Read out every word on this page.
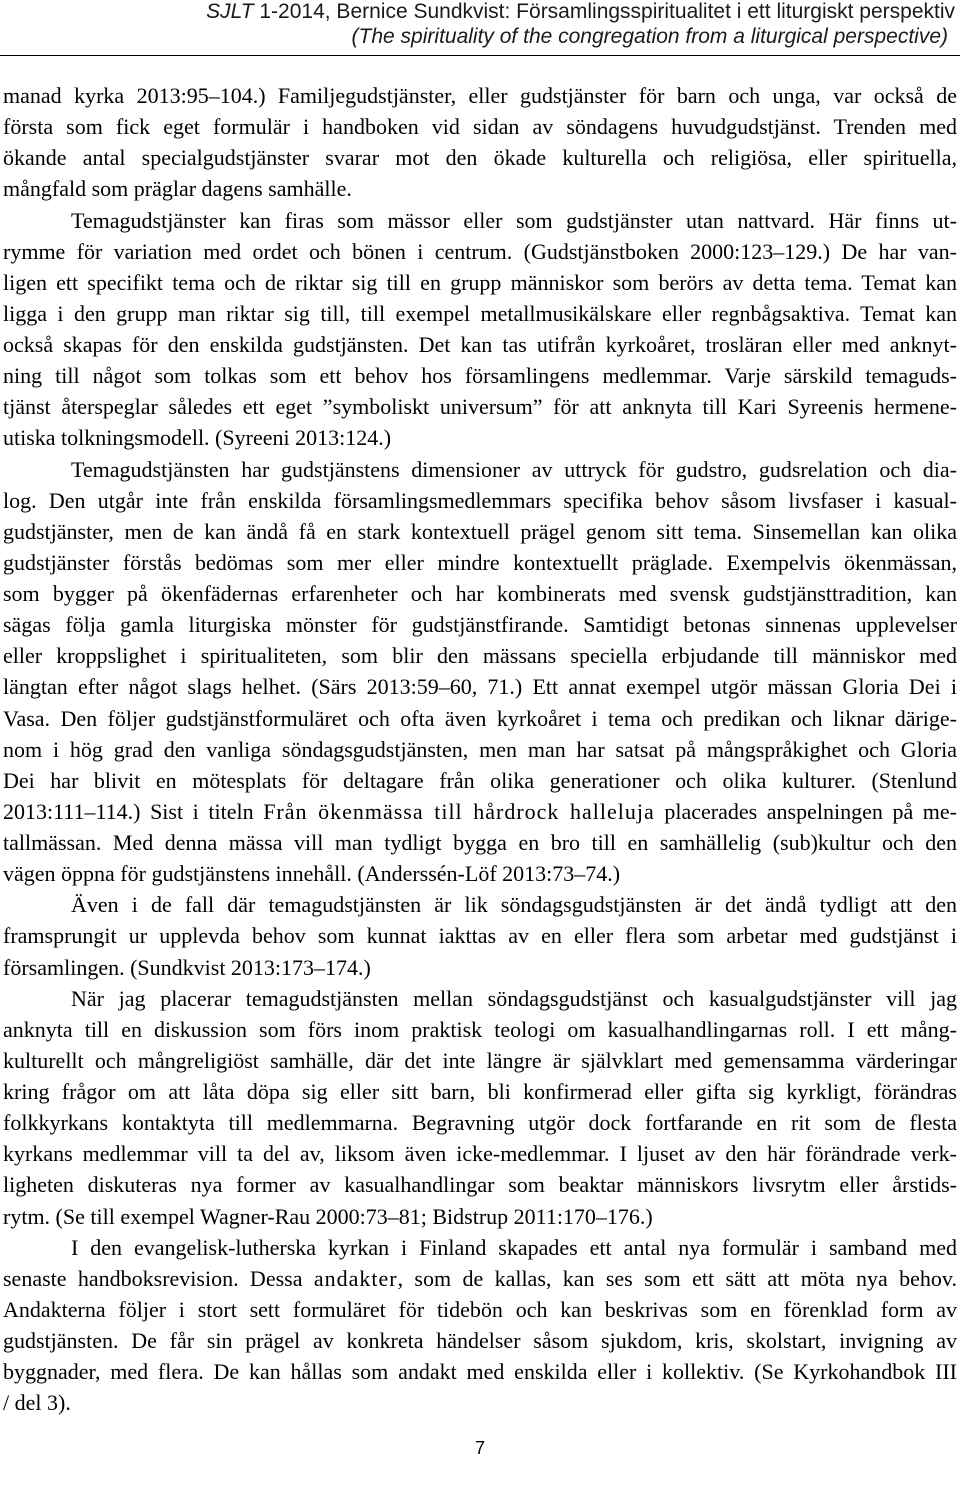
SJLT 1-2014, Bernice Sundkvist: Församlingsspiritualitet i ett liturgiskt perspektiv
(The spirituality of the congregation from a liturgical perspective)
manad kyrka 2013:95–104.) Familjegudstjänster, eller gudstjänster för barn och unga, var också de
första som fick eget formulär i handboken vid sidan av söndagens huvudgudstjänst. Trenden med
ökande antal specialgudstjänster svarar mot den ökade kulturella och religiösa, eller spirituella,
mångfald som präglar dagens samhälle.
Temagudstjänster kan firas som mässor eller som gudstjänster utan nattvard. Här finns ut-
rymme för variation med ordet och bönen i centrum. (Gudstjänstboken 2000:123–129.) De har van-
ligen ett specifikt tema och de riktar sig till en grupp människor som berörs av detta tema. Temat kan
ligga i den grupp man riktar sig till, till exempel metallmusikälskare eller regnbågsaktiva. Temat kan
också skapas för den enskilda gudstjänsten. Det kan tas utifrån kyrkoåret, trosläran eller med anknyt-
ning till något som tolkas som ett behov hos församlingens medlemmar. Varje särskild temaguds-
tjänst återspeglar således ett eget ”symboliskt universum” för att anknyta till Kari Syreenis hermene-
utiska tolkningsmodell. (Syreeni 2013:124.)
Temagudstjänsten har gudstjänstens dimensioner av uttryck för gudstro, gudsrelation och dia-
log. Den utgår inte från enskilda församlingsmedlemmars specifika behov såsom livsfaser i kasual-
gudstjänster, men de kan ändå få en stark kontextuell prägel genom sitt tema. Sinsemellan kan olika
gudstjänster förstås bedömas som mer eller mindre kontextuellt präglade. Exempelvis ökenmässan,
som bygger på ökenfädernas erfarenheter och har kombinerats med svensk gudstjänsttradition, kan
sägas följa gamla liturgiska mönster för gudstjänstfirande. Samtidigt betonas sinnenas upplevelser
eller kroppslighet i spiritualiteten, som blir den mässans speciella erbjudande till människor med
längtan efter något slags helhet. (Särs 2013:59–60, 71.) Ett annat exempel utgör mässan Gloria Dei i
Vasa. Den följer gudstjänstformuläret och ofta även kyrkoåret i tema och predikan och liknar därige-
nom i hög grad den vanliga söndagsgudstjänsten, men man har satsat på mångspråkighet och Gloria
Dei har blivit en mötesplats för deltagare från olika generationer och olika kulturer. (Stenlund
2013:111–114.) Sist i titeln Från ökenmässa till hårdrock halleluja placerades anspelningen på me-
tallmässan. Med denna mässa vill man tydligt bygga en bro till en samhällelig (sub)kultur och den
vägen öppna för gudstjänstens innehåll. (Anderssén-Löf 2013:73–74.)
Även i de fall där temagudstjänsten är lik söndagsgudstjänsten är det ändå tydligt att den
framsprungit ur upplevda behov som kunnat iakttas av en eller flera som arbetar med gudstjänst i
församlingen. (Sundkvist 2013:173–174.)
När jag placerar temagudstjänsten mellan söndagsgudstjänst och kasualgudstjänster vill jag
anknyta till en diskussion som förs inom praktisk teologi om kasualhandlingarnas roll. I ett mång-
kulturellt och mångreligiöst samhälle, där det inte längre är självklart med gemensamma värderingar
kring frågor om att låta döpa sig eller sitt barn, bli konfirmerad eller gifta sig kyrkligt, förändras
folkkyrkans kontaktyta till medlemmarna. Begravning utgör dock fortfarande en rit som de flesta
kyrkans medlemmar vill ta del av, liksom även icke-medlemmar. I ljuset av den här förändrade verk-
ligheten diskuteras nya former av kasualhandlingar som beaktar människors livsrytm eller årstids-
rytm. (Se till exempel Wagner-Rau 2000:73–81; Bidstrup 2011:170–176.)
I den evangelisk-lutherska kyrkan i Finland skapades ett antal nya formulär i samband med
senaste handboksrevision. Dessa andakter, som de kallas, kan ses som ett sätt att möta nya behov.
Andakterna följer i stort sett formuläret för tidebön och kan beskrivas som en förenklad form av
gudstjänsten. De får sin prägel av konkreta händelser såsom sjukdom, kris, skolstart, invigning av
byggnader, med flera. De kan hållas som andakt med enskilda eller i kollektiv. (Se Kyrkohandbok III
/ del 3).
7
